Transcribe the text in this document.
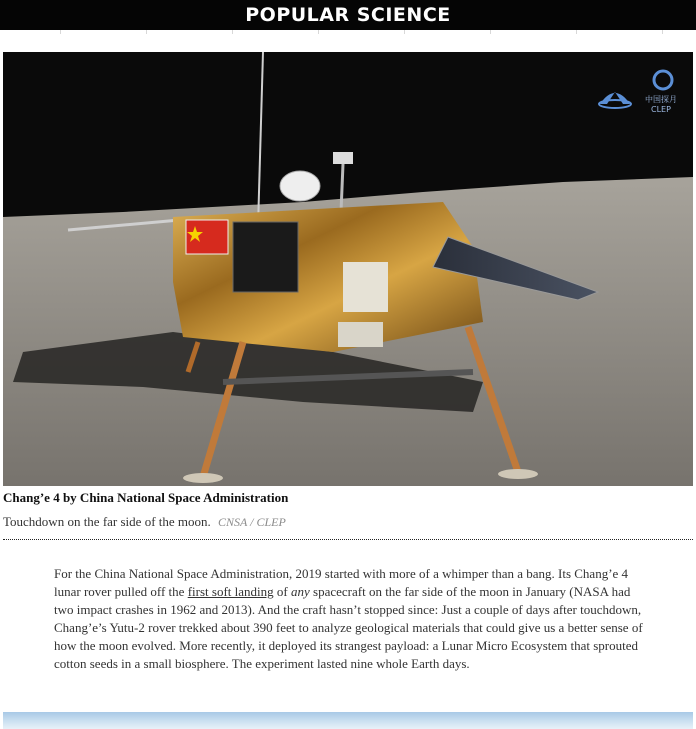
POPULAR SCIENCE
中国探月
CLEP
Chang’e 4 by China National Space Administration
Touchdown on the far side of the moon. CNSA / CLEP

For the China National Space Administration, 2019 started with more of a whimper than a bang. Its Chang’e 4 lunar rover pulled off the first soft landing of any spacecraft on the far side of the moon in January (NASA had two impact crashes in 1962 and 2013). And the craft hasn’t stopped since: Just a couple of days after touchdown, Chang’e’s Yutu-2 rover trekked about 390 feet to analyze geological materials that could give us a better sense of how the moon evolved. More recently, it deployed its strangest payload: a Lunar Micro Ecosystem that sprouted cotton seeds in a small biosphere. The experiment lasted nine whole Earth days.
